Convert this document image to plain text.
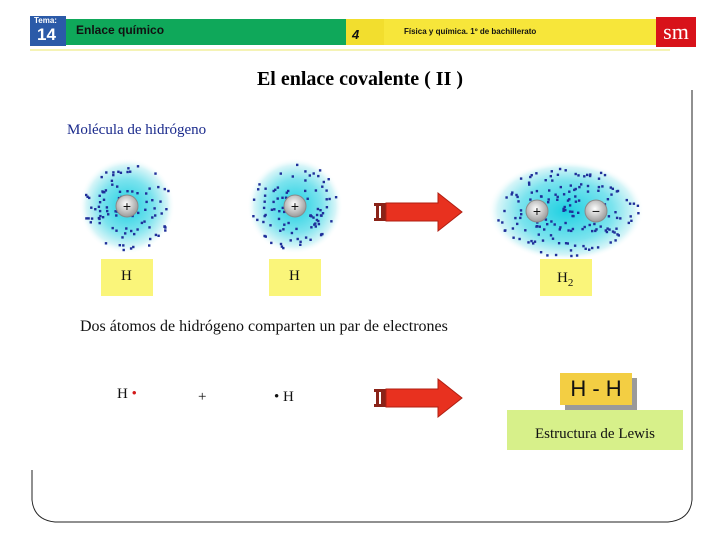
Tema:
14 Enlace químico	4	Física y química. 1º de bachillerato	sm
El enlace covalente ( II )
Molécula de hidrógeno
+	+	+	−
H	H	$H_2$
Dos átomos de hidrógeno comparten un par de electrones
H •	+	• H	H - H
Estructura de Lewis
